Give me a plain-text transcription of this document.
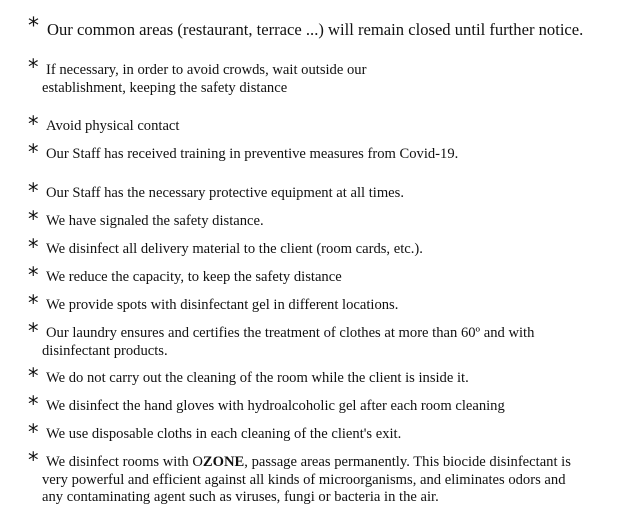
* Our common areas (restaurant, terrace ...) will remain closed until further notice.
* If necessary, in order to avoid crowds, wait outside our
establishment, keeping the safety distance
* Avoid physical contact
* Our Staff has received training in preventive measures from Covid-19.
* Our Staff has the necessary protective equipment at all times.
* We have signaled the safety distance.
* We disinfect all delivery material to the client (room cards, etc.).
* We reduce the capacity, to keep the safety distance
* We provide spots with disinfectant gel in different locations.
* Our laundry ensures and certifies the treatment of clothes at more than 60º and with
disinfectant products.
* We do not carry out the cleaning of the room while the client is inside it.
* We disinfect the hand gloves with hydroalcoholic gel after each room cleaning
* We use disposable cloths in each cleaning of the client's exit.
* We disinfect rooms with OZONE, passage areas permanently. This biocide disinfectant is
very powerful and efficient against all kinds of microorganisms, and eliminates odors and
any contaminating agent such as viruses, fungi or bacteria in the air.
